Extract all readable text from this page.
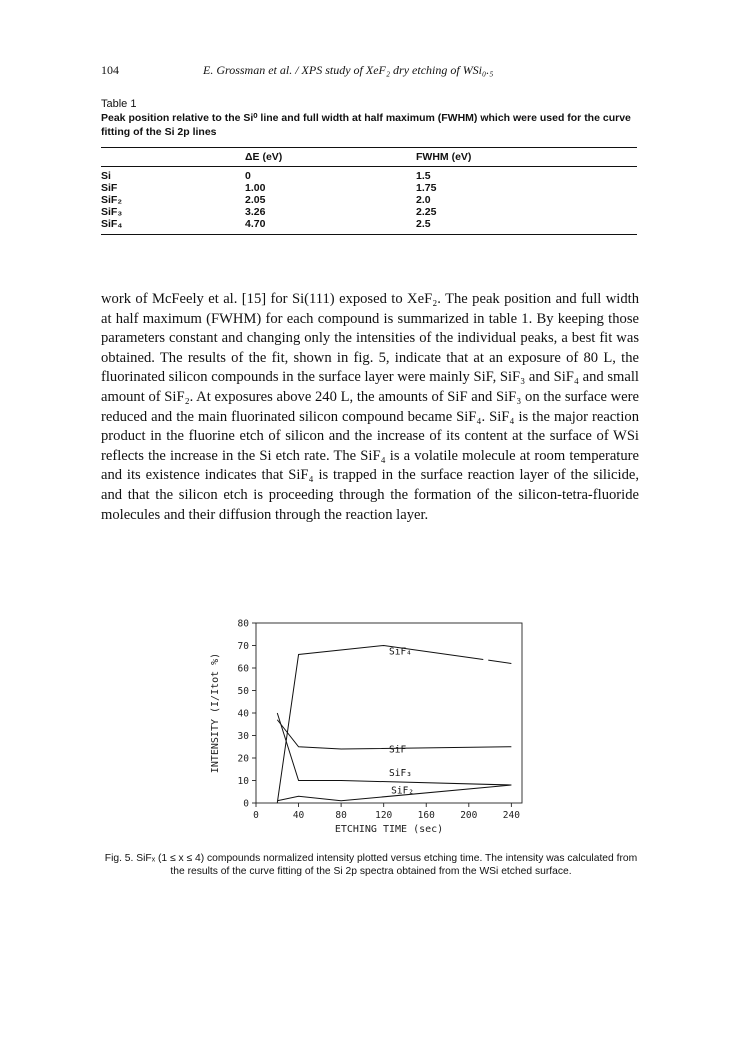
104	E. Grossman et al. / XPS study of XeF₂ dry etching of WSi₀.₅
Table 1
Peak position relative to the Si⁰ line and full width at half maximum (FWHM) which were used for the curve fitting of the Si 2p lines
	ΔE (eV)	FWHM (eV)
Si	0	1.5
SiF	1.00	1.75
SiF₂	2.05	2.0
SiF₃	3.26	2.25
SiF₄	4.70	2.5

work of McFeely et al. [15] for Si(111) exposed to XeF₂. The peak position and full width at half maximum (FWHM) for each compound is summarized in table 1. By keeping those parameters constant and changing only the intensities of the individual peaks, a best fit was obtained. The results of the fit, shown in fig. 5, indicate that at an exposure of 80 L, the fluorinated silicon compounds in the surface layer were mainly SiF, SiF₃ and SiF₄ and small amount of SiF₂. At exposures above 240 L, the amounts of SiF and SiF₃ on the surface were reduced and the main fluorinated silicon compound became SiF₄. SiF₄ is the major reaction product in the fluorine etch of silicon and the increase of its content at the surface of WSi reflects the increase in the Si etch rate. The SiF₄ is a volatile molecule at room temperature and its existence indicates that SiF₄ is trapped in the surface reaction layer of the silicide, and that the silicon etch is proceeding through the formation of the silicon-tetra-fluoride molecules and their diffusion through the reaction layer.

0
10
20
30
40
50
60
70
80
0	40	80	120	160	200	240
ETCHING TIME (sec)
INTENSITY (I/Itot %)
SiF₄
SiF
SiF₃
SiF₂
Fig. 5. SiFₓ (1 ≤ x ≤ 4) compounds normalized intensity plotted versus etching time. The intensity was calculated from the results of the curve fitting of the Si 2p spectra obtained from the WSi etched surface.
